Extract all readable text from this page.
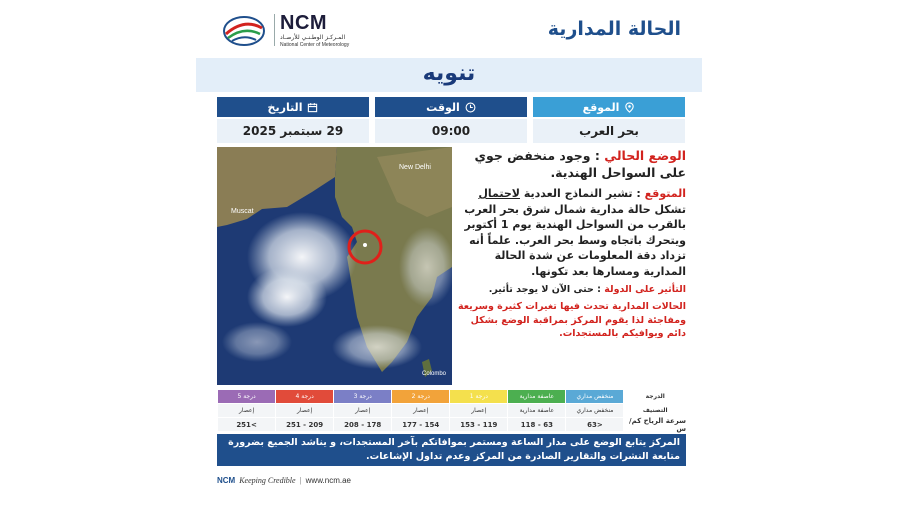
NCM
المـركـز الوطـنـي للأرصـاد
National Center of Meteorology
الحالة المدارية
تنويه
الموقع
بحر العرب
الوقت
09:00
التاريخ
29 سبتمبر 2025
New Delhi
Muscat
Colombo
الوضع الحالي : وجود منخفض جوي على السواحل الهندية.
المتوقع : تشير النماذج العددية لاحتمال تشكل حالة مدارية شمال شرق بحر العرب بالقرب من السواحل الهندية يوم 1 أكتوبر ويتحرك باتجاه وسط بحر العرب. علماً أنه تزداد دقة المعلومات عن شدة الحالة المدارية ومسارها بعد تكونها.
التأثير على الدولة : حتى الآن لا يوجد تأثير.
الحالات المدارية تحدث فيها تغيرات كثيرة وسريعة ومفاجئة لذا يقوم المركز بمراقبة الوضع بشكل دائم ويوافيكم بالمستجدات.
الدرجة
منخفض مداري
عاصفة مدارية
درجة 1
درجة 2
درجة 3
درجة 4
درجة 5
التصنيف
منخفض مداري
عاصفة مدارية
إعصار
إعصار
إعصار
إعصار
إعصار
سرعة الرياح كم/س
<63
63 - 118
119 - 153
154 - 177
178 - 208
209 - 251
>251
المركز يتابع الوضع على مدار الساعة ومستمر بموافاتكم بآخر المستجدات، و يناشد الجميع بضرورة متابعة النشرات والتقارير الصادرة من المركز وعدم تداول الإشاعات.
NCM Keeping Credible | www.ncm.ae
